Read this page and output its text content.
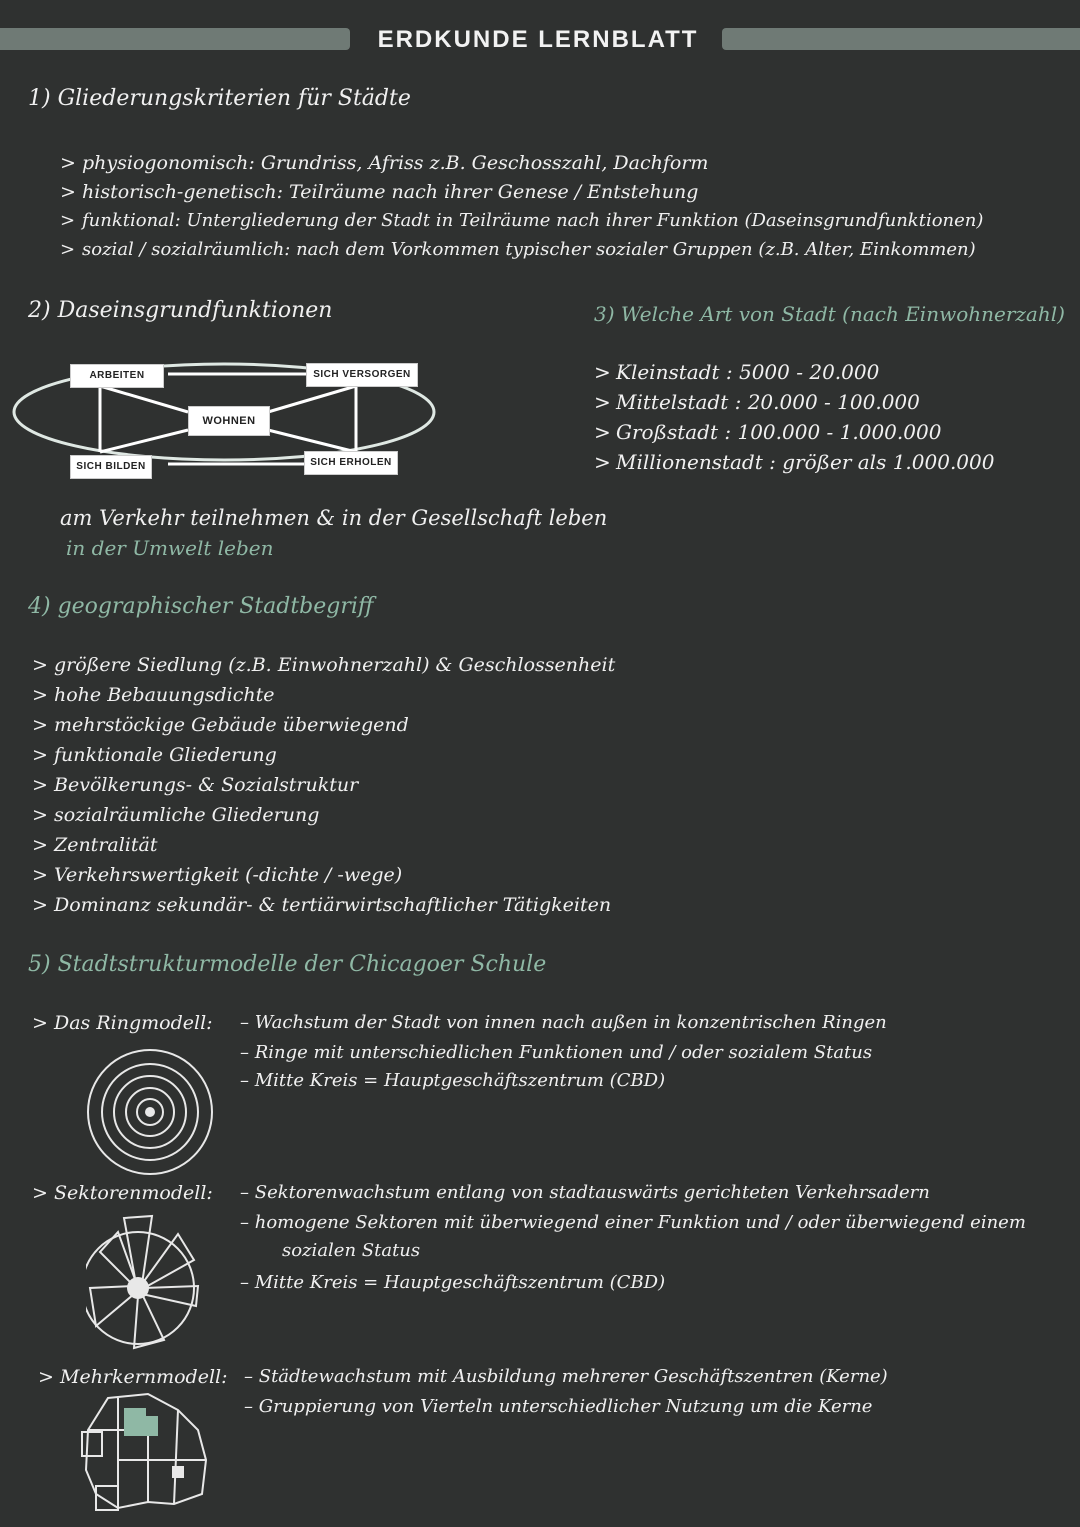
ERDKUNDE LERNBLATT
1) Gliederungskriterien für Städte
> physiogonomisch: Grundriss, Afriss z.B. Geschosszahl, Dachform
> historisch-genetisch: Teilräume nach ihrer Genese / Entstehung
> funktional: Untergliederung der Stadt in Teilräume nach ihrer Funktion (Daseinsgrundfunktionen)
> sozial / sozialräumlich: nach dem Vorkommen typischer sozialer Gruppen (z.B. Alter, Einkommen)
2) Daseinsgrundfunktionen
ARBEITEN	SICH VERSORGEN
WOHNEN
SICH BILDEN	SICH ERHOLEN
am Verkehr teilnehmen & in der Gesellschaft leben
in der Umwelt leben
3) Welche Art von Stadt (nach Einwohnerzahl)
> Kleinstadt : 5000 - 20.000
> Mittelstadt : 20.000 - 100.000
> Großstadt : 100.000 - 1.000.000
> Millionenstadt : größer als 1.000.000
4) geographischer Stadtbegriff
> größere Siedlung (z.B. Einwohnerzahl) & Geschlossenheit
> hohe Bebauungsdichte
> mehrstöckige Gebäude überwiegend
> funktionale Gliederung
> Bevölkerungs- & Sozialstruktur
> sozialräumliche Gliederung
> Zentralität
> Verkehrswertigkeit (-dichte / -wege)
> Dominanz sekundär- & tertiärwirtschaftlicher Tätigkeiten
5) Stadtstrukturmodelle der Chicagoer Schule
> Das Ringmodell: – Wachstum der Stadt von innen nach außen in konzentrischen Ringen
– Ringe mit unterschiedlichen Funktionen und / oder sozialem Status
– Mitte Kreis = Hauptgeschäftszentrum (CBD)
> Sektorenmodell: – Sektorenwachstum entlang von stadtauswärts gerichteten Verkehrsadern
– homogene Sektoren mit überwiegend einer Funktion und / oder überwiegend einem
sozialen Status
– Mitte Kreis = Hauptgeschäftszentrum (CBD)
> Mehrkernmodell: – Städtewachstum mit Ausbildung mehrerer Geschäftszentren (Kerne)
– Gruppierung von Vierteln unterschiedlicher Nutzung um die Kerne
